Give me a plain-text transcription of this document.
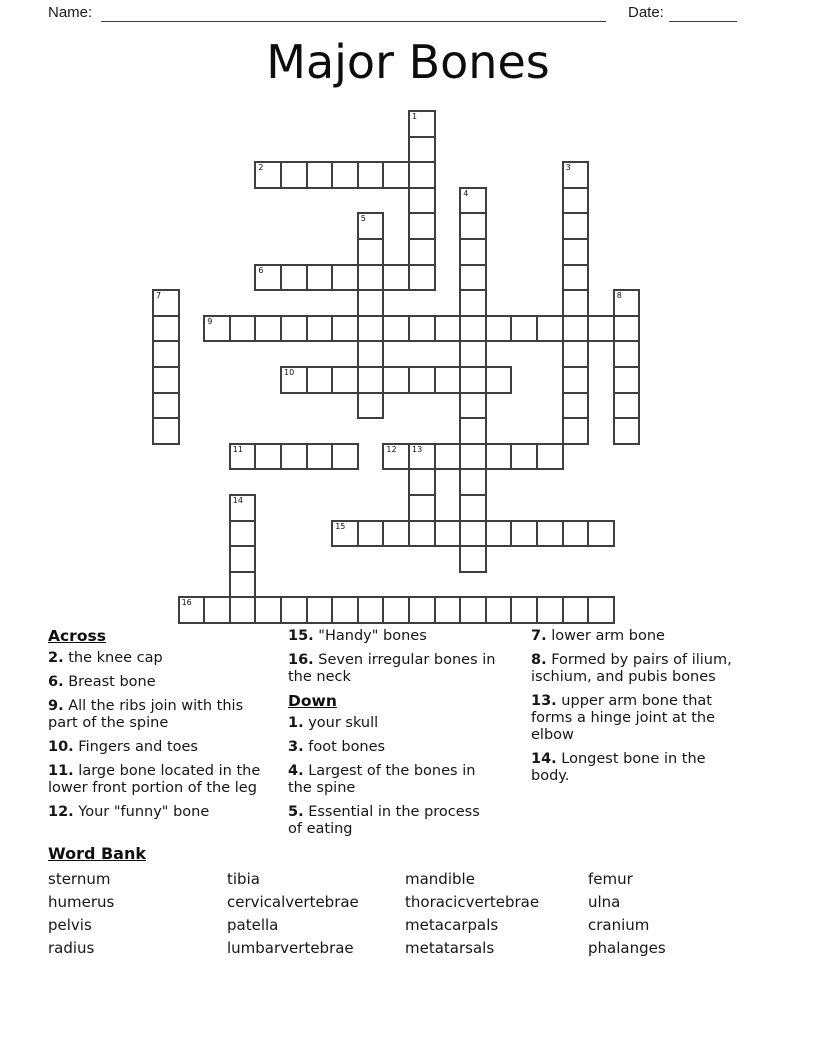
Name:	Date:
Major Bones
1
2	3
4
5
6
7	8
9
10
11	12 13
14
15
16
Across

2. the knee cap

6. Breast bone

9. All the ribs join with this part of the spine

10. Fingers and toes

11. large bone located in the lower front portion of the leg

12. Your "funny" bone

15. "Handy" bones

16. Seven irregular bones in the neck

Down

1. your skull

3. foot bones

4. Largest of the bones in the spine

5. Essential in the process of eating

7. lower arm bone

8. Formed by pairs of ilium, ischium, and pubis bones

13. upper arm bone that forms a hinge joint at the elbow

14. Longest bone in the body.

Word Bank
sternum
humerus
pelvis
radius
tibia
cervicalvertebrae
patella
lumbarvertebrae
mandible
thoracicvertebrae
metacarpals
metatarsals
femur
ulna
cranium
phalanges
